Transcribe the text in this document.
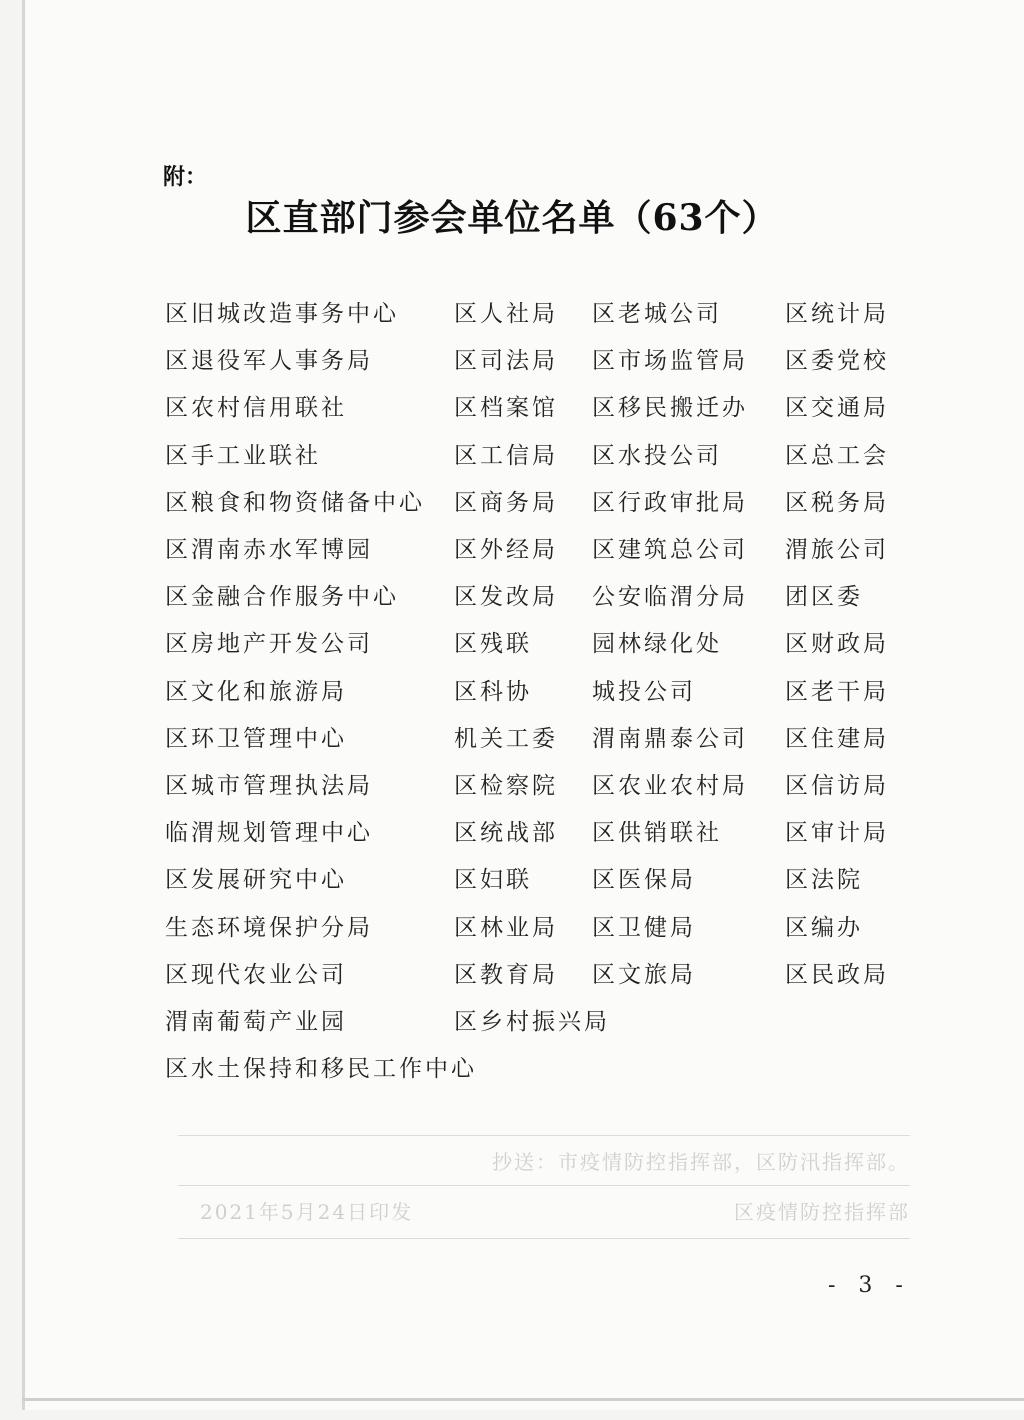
附：
区直部门参会单位名单（63个）
区旧城改造事务中心
区退役军人事务局
区农村信用联社
区手工业联社
区粮食和物资储备中心
区渭南赤水军博园
区金融合作服务中心
区房地产开发公司
区文化和旅游局
区环卫管理中心
区城市管理执法局
临渭规划管理中心
区发展研究中心
生态环境保护分局
区现代农业公司
渭南葡萄产业园
区水土保持和移民工作中心
区人社局
区司法局
区档案馆
区工信局
区商务局
区外经局
区发改局
区残联
区科协
机关工委
区检察院
区统战部
区妇联
区林业局
区教育局
区乡村振兴局
区老城公司
区市场监管局
区移民搬迁办
区水投公司
区行政审批局
区建筑总公司
公安临渭分局
园林绿化处
城投公司
渭南鼎泰公司
区农业农村局
区供销联社
区医保局
区卫健局
区文旅局
区统计局
区委党校
区交通局
区总工会
区税务局
渭旅公司
团区委
区财政局
区老干局
区住建局
区信访局
区审计局
区法院
区编办
区民政局
抄送：市疫情防控指挥部，区防汛指挥部。
区疫情防控指挥部
2021年5月24日印发
- 3 -
